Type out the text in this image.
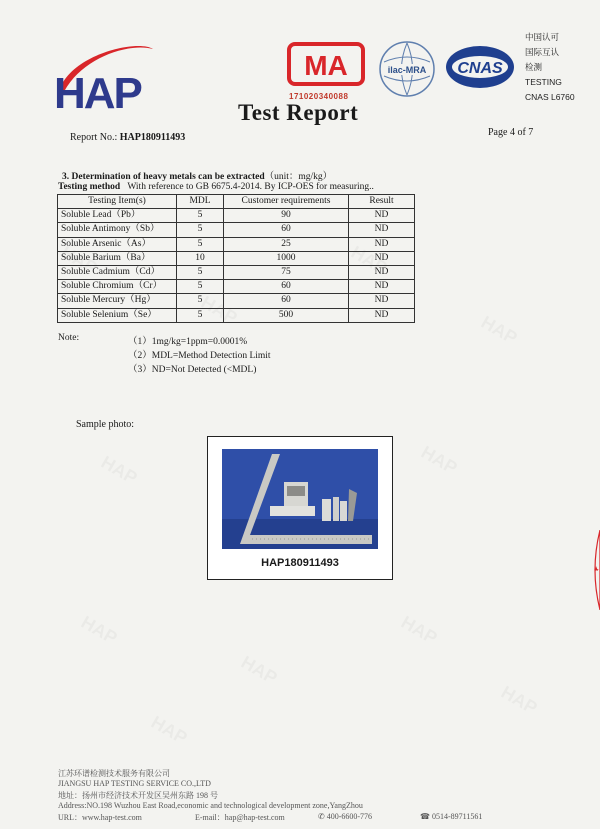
HAP
MA
171020340088
ilac-MRA CNAS
中国认可
国际互认
检测
TESTING
CNAS L6760
Test Report
Report No.: HAP180911493	Page 4 of 7
3. Determination of heavy metals can be extracted（unit：mg/kg）
Testing method With reference to GB 6675.4-2014. By ICP-OES for measuring..
Testing Item(s)	MDL	Customer requirements	Result
Soluble Lead（Pb）	5	90	ND
Soluble Antimony（Sb）	5	60	ND
Soluble Arsenic（As）	5	25	ND
Soluble Barium（Ba）	10	1000	ND
Soluble Cadmium（Cd）	5	75	ND
Soluble Chromium（Cr）	5	60	ND
Soluble Mercury（Hg）	5	60	ND
Soluble Selenium（Se）	5	500	ND
Note:	（1）1mg/kg=1ppm=0.0001%
（2）MDL=Method Detection Limit
（3）ND=Not Detected (<MDL)
Sample photo:
HAP180911493
江苏环谱检测技术服务有限公司
JIANGSU HAP TESTING SERVICE CO.,LTD
地址：扬州市经济技术开发区吴州东路 198 号
Address:NO.198 Wuzhou East Road,economic and technological development zone,YangZhou
URL：www.hap-test.com	E-mail：hap@hap-test.com	✆ 400-6600-776	☎ 0514-89711561
